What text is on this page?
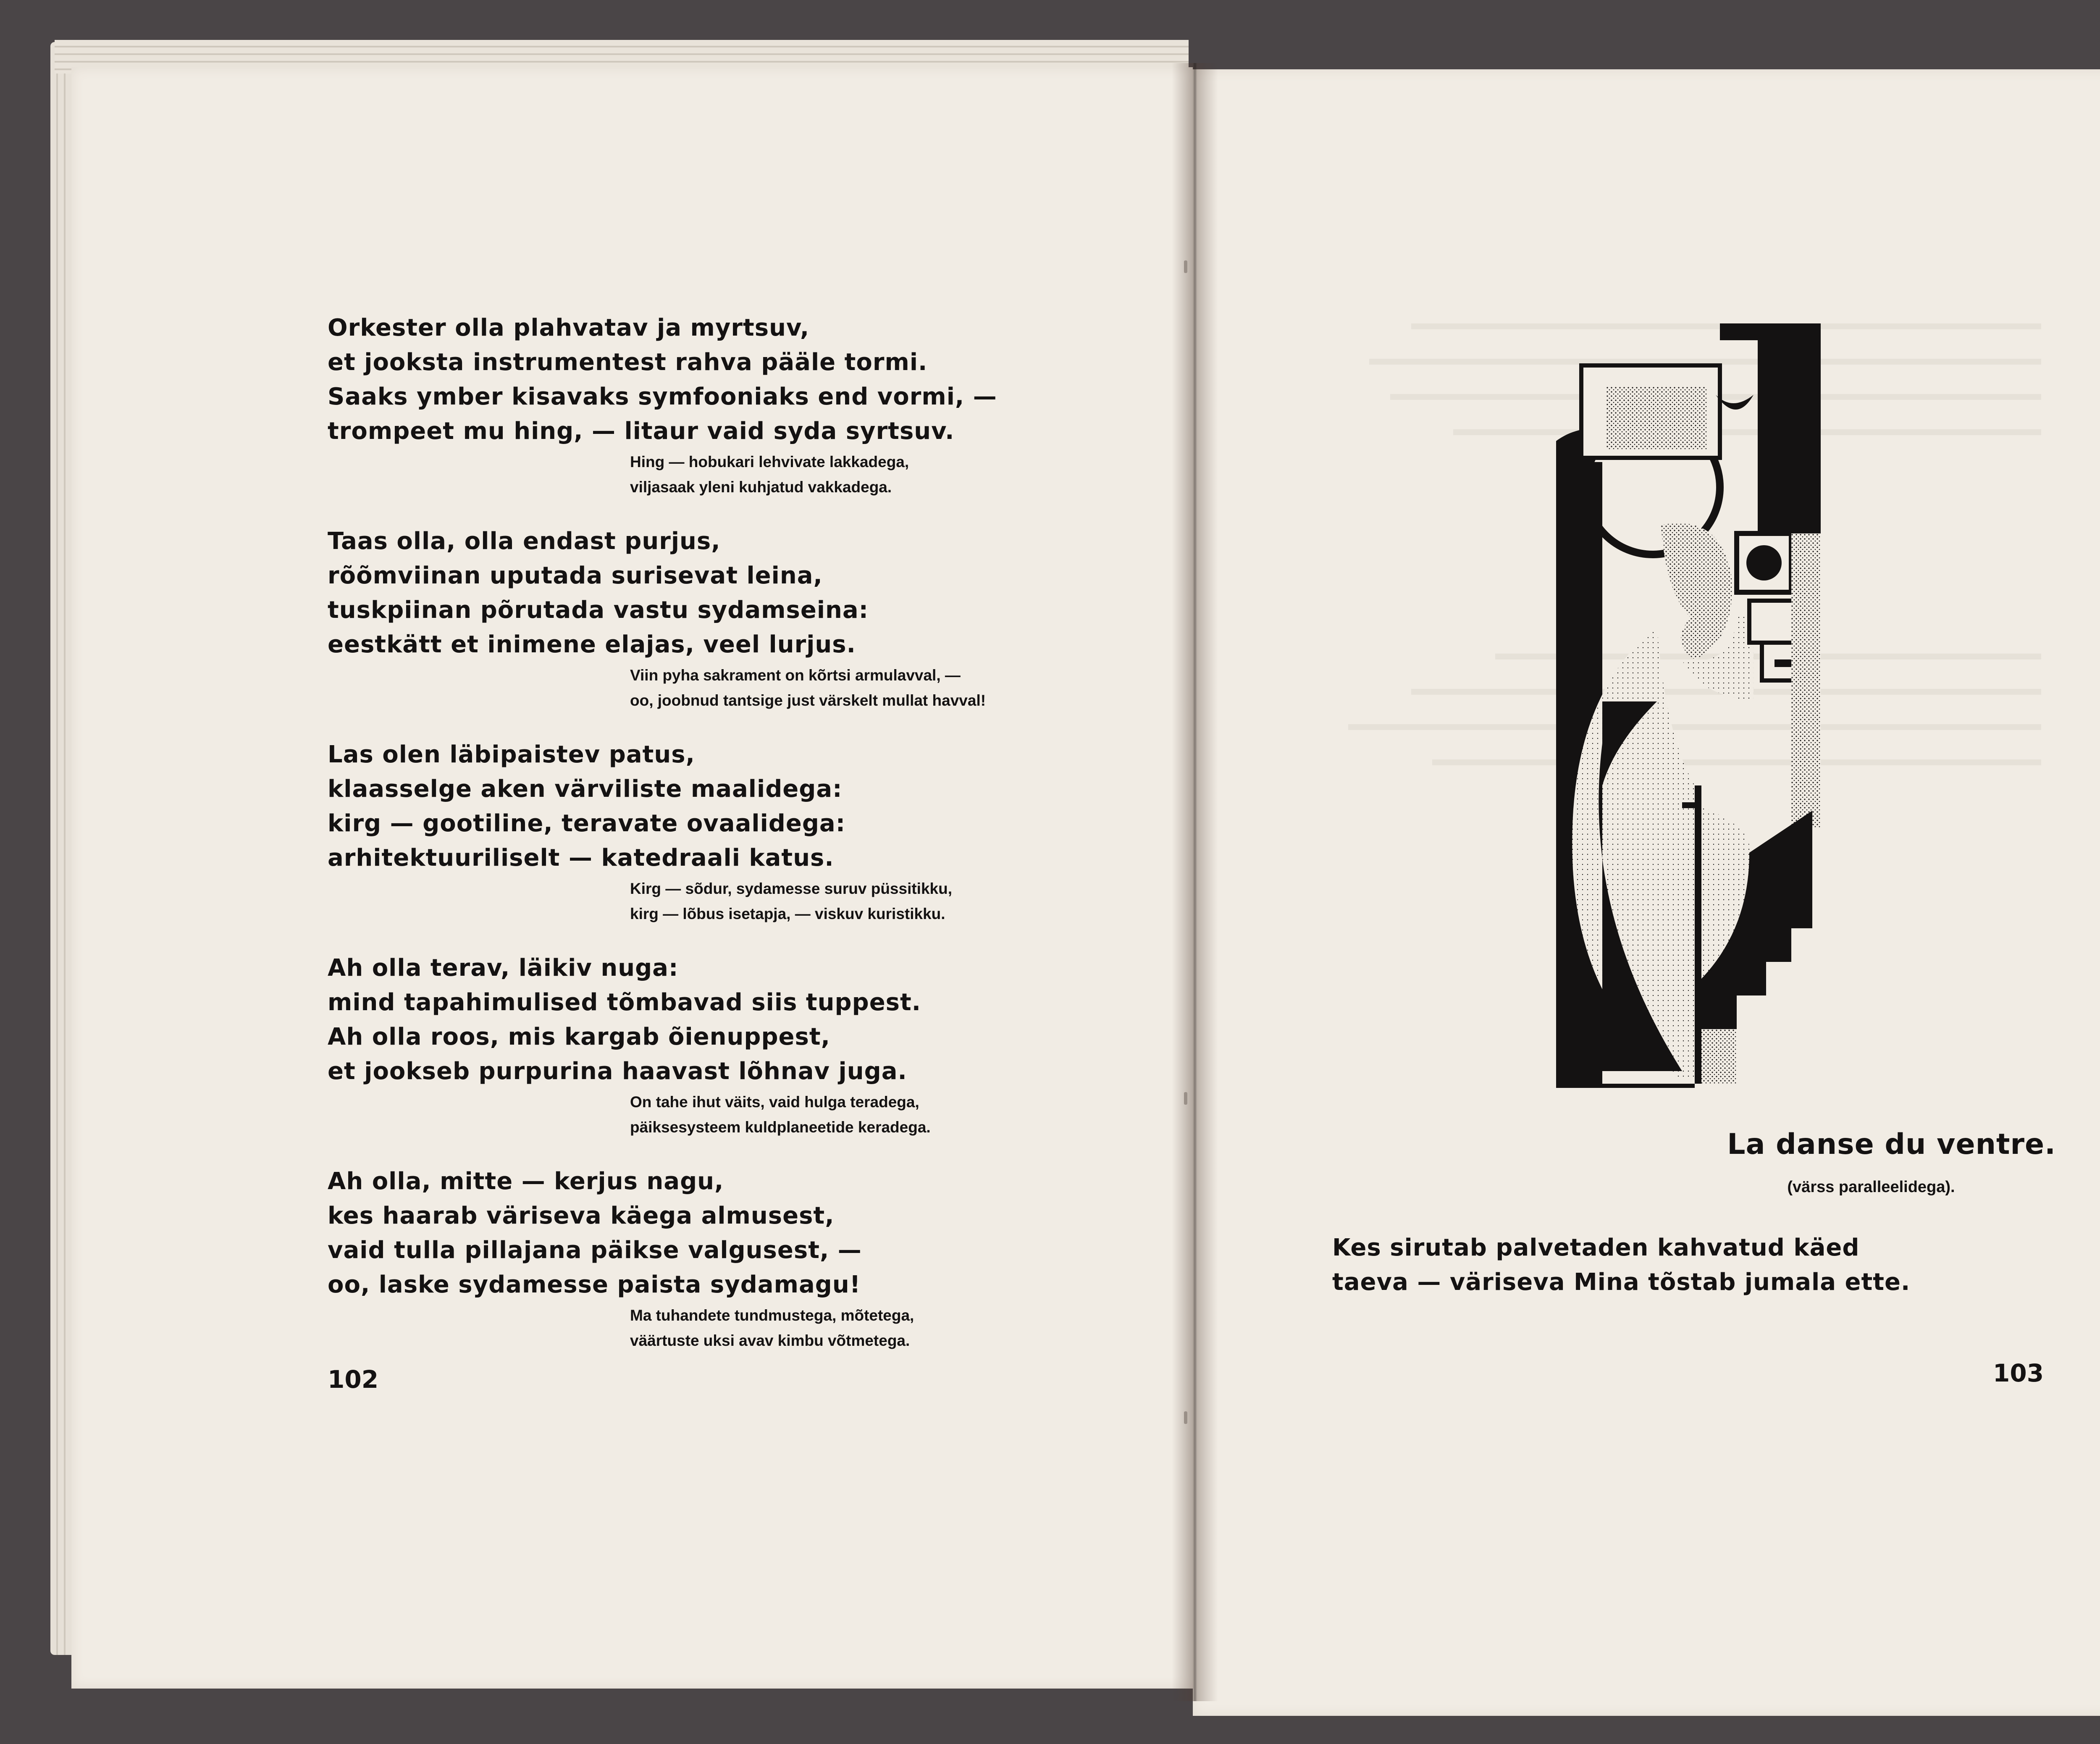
Orkester olla plahvatav ja myrtsuv,
et jooksta instrumentest rahva pääle tormi.
Saaks ymber kisavaks symfooniaks end vormi, —
trompeet mu hing, — litaur vaid syda syrtsuv.
Hing — hobukari lehvivate lakkadega,
viljasaak yleni kuhjatud vakkadega.
Taas olla, olla endast purjus,
rõõmviinan uputada surisevat leina,
tuskpiinan põrutada vastu sydamseina:
eestkätt et inimene elajas, veel lurjus.
Viin pyha sakrament on kõrtsi armulavval, —
oo, joobnud tantsige just värskelt mullat havval!
Las olen läbipaistev patus,
klaasselge aken värviliste maalidega:
kirg — gootiline, teravate ovaalidega:
arhitektuuriliselt — katedraali katus.
Kirg — sõdur, sydamesse suruv püssitikku,
kirg — lõbus isetapja, — viskuv kuristikku.
Ah olla terav, läikiv nuga:
mind tapahimulised tõmbavad siis tuppest.
Ah olla roos, mis kargab õienuppest,
et jookseb purpurina haavast lõhnav juga.
On tahe ihut väits, vaid hulga teradega,
päiksesysteem kuldplaneetide keradega.
Ah olla, mitte — kerjus nagu,
kes haarab väriseva käega almusest,
vaid tulla pillajana päikse valgusest, —
oo, laske sydamesse paista sydamagu!
Ma tuhandete tundmustega, mõtetega,
väärtuste uksi avav kimbu võtmetega.
102
La danse du ventre.
(värss paralleelidega).
Kes sirutab palvetaden kahvatud käed
taeva — väriseva Mina tõstab jumala ette.
103
